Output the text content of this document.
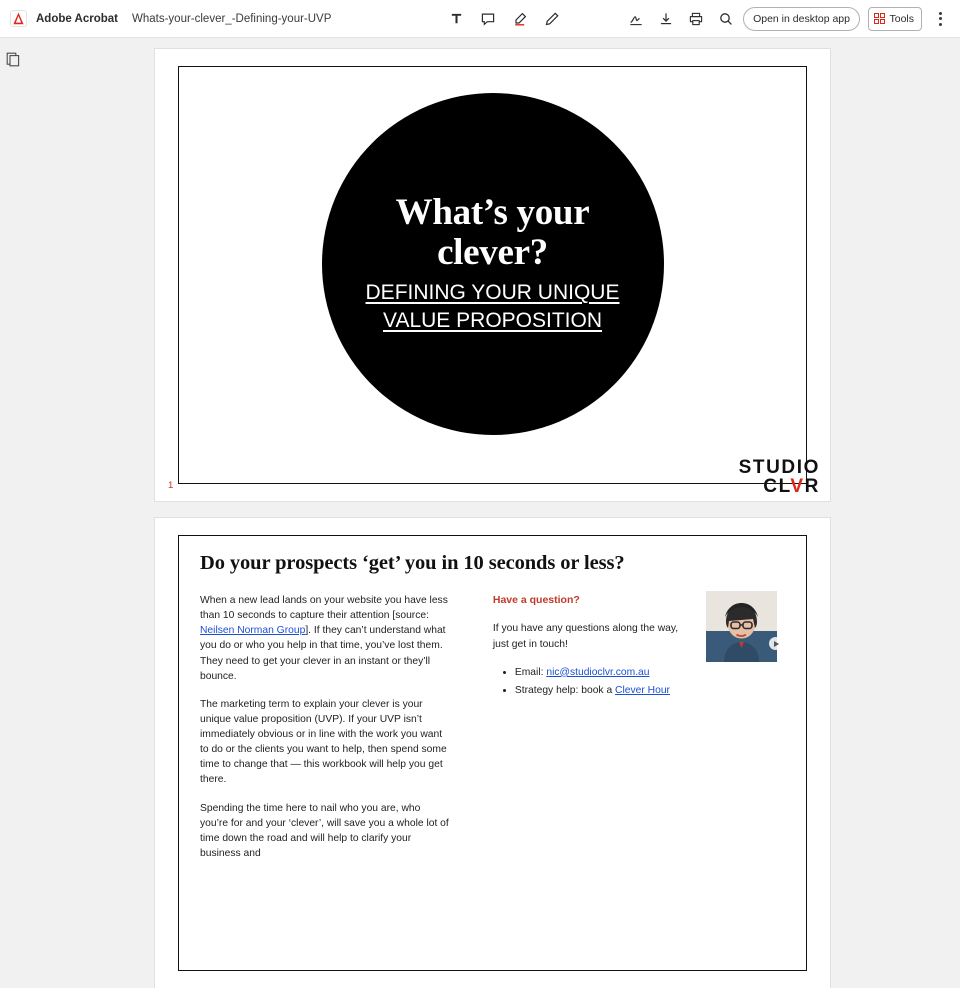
Adobe Acrobat Whats-your-clever_-Defining-your-UVP	Open in desktop app	Tools
What’s your clever?
DEFINING YOUR UNIQUE VALUE PROPOSITION
1
STUDIO
CLVR
Do your prospects ‘get’ you in 10 seconds or less?

When a new lead lands on your website you have less than 10 seconds to capture their attention [source: Neilsen Norman Group]. If they can’t understand what you do or who you help in that time, you’ve lost them. They need to get your clever in an instant or they’ll bounce.

The marketing term to explain your clever is your unique value proposition (UVP). If your UVP isn’t immediately obvious or in line with the work you want to do or the clients you want to help, then spend some time to change that — this workbook will help you get there.

Spending the time here to nail who you are, who you’re for and your ‘clever’, will save you a whole lot of time down the road and will help to clarify your business and

Have a question?

If you have any questions along the way, just get in touch!

• Email: nic@studioclvr.com.au
• Strategy help: book a Clever Hour
